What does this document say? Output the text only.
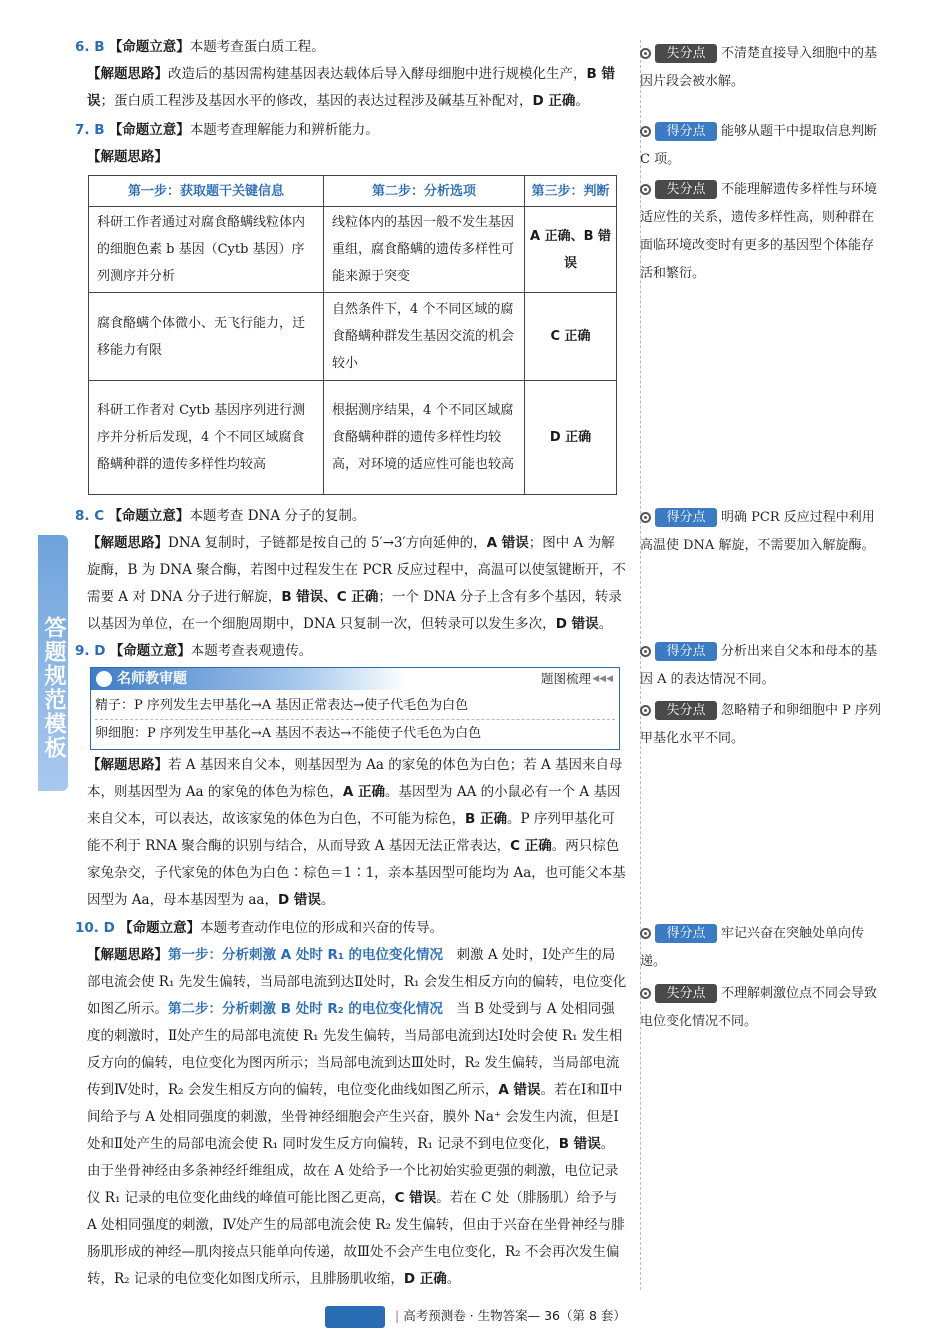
答题规范模板
6. B 【命题立意】本题考查蛋白质工程。
【解题思路】改造后的基因需构建基因表达载体后导入酵母细胞中进行规模化生产，B 错误；蛋白质工程涉及基因水平的修改，基因的表达过程涉及碱基互补配对，D 正确。
7. B 【命题立意】本题考查理解能力和辨析能力。
【解题思路】
第一步：获取题干关键信息	第二步：分析选项	第三步：判断
科研工作者通过对腐食酪螨线粒体内的细胞色素 b 基因（Cytb 基因）序列测序并分析	线粒体内的基因一般不发生基因重组，腐食酪螨的遗传多样性可能来源于突变	A 正确、B 错误
腐食酪螨个体微小、无飞行能力，迁移能力有限	自然条件下，4 个不同区域的腐食酪螨种群发生基因交流的机会较小	C 正确
科研工作者对 Cytb 基因序列进行测序并分析后发现，4 个不同区域腐食酪螨种群的遗传多样性均较高	根据测序结果，4 个不同区域腐食酪螨种群的遗传多样性均较高，对环境的适应性可能也较高	D 正确
8. C 【命题立意】本题考查 DNA 分子的复制。
【解题思路】DNA 复制时，子链都是按自己的 5′→3′方向延伸的，A 错误；图中 A 为解旋酶，B 为 DNA 聚合酶，若图中过程发生在 PCR 反应过程中，高温可以使氢键断开，不需要 A 对 DNA 分子进行解旋，B 错误、C 正确；一个 DNA 分子上含有多个基因，转录以基因为单位，在一个细胞周期中，DNA 只复制一次，但转录可以发生多次，D 错误。
9. D 【命题立意】本题考查表观遗传。
名师教审题	题图梳理 ◀◀◀
精子：P 序列发生去甲基化→A 基因正常表达→使子代毛色为白色
卵细胞：P 序列发生甲基化→A 基因不表达→不能使子代毛色为白色
【解题思路】若 A 基因来自父本，则基因型为 Aa 的家兔的体色为白色；若 A 基因来自母本，则基因型为 Aa 的家兔的体色为棕色，A 正确。基因型为 AA 的小鼠必有一个 A 基因来自父本，可以表达，故该家兔的体色为白色，不可能为棕色，B 正确。P 序列甲基化可能不利于 RNA 聚合酶的识别与结合，从而导致 A 基因无法正常表达，C 正确。两只棕色家兔杂交，子代家兔的体色为白色∶棕色＝1∶1，亲本基因型可能均为 Aa，也可能父本基因型为 Aa，母本基因型为 aa，D 错误。
10. D 【命题立意】本题考查动作电位的形成和兴奋的传导。
【解题思路】第一步：分析刺激 A 处时 R₁ 的电位变化情况　刺激 A 处时，Ⅰ处产生的局部电流会使 R₁ 先发生偏转，当局部电流到达Ⅱ处时，R₁ 会发生相反方向的偏转，电位变化如图乙所示。第二步：分析刺激 B 处时 R₂ 的电位变化情况　当 B 处受到与 A 处相同强度的刺激时，Ⅱ处产生的局部电流使 R₁ 先发生偏转，当局部电流到达Ⅰ处时会使 R₁ 发生相反方向的偏转，电位变化为图丙所示；当局部电流到达Ⅲ处时，R₂ 发生偏转，当局部电流传到Ⅳ处时，R₂ 会发生相反方向的偏转，电位变化曲线如图乙所示，A 错误。若在Ⅰ和Ⅱ中间给予与 A 处相同强度的刺激，坐骨神经细胞会产生兴奋，膜外 Na⁺ 会发生内流，但是Ⅰ处和Ⅱ处产生的局部电流会使 R₁ 同时发生反方向偏转，R₁ 记录不到电位变化，B 错误。由于坐骨神经由多条神经纤维组成，故在 A 处给予一个比初始实验更强的刺激，电位记录仪 R₁ 记录的电位变化曲线的峰值可能比图乙更高，C 错误。若在 C 处（腓肠肌）给予与 A 处相同强度的刺激，Ⅳ处产生的局部电流会使 R₂ 发生偏转，但由于兴奋在坐骨神经与腓肠肌形成的神经—肌肉接点只能单向传递，故Ⅲ处不会产生电位变化，R₂ 不会再次发生偏转，R₂ 记录的电位变化如图戊所示，且腓肠肌收缩，D 正确。
失分点 不清楚直接导入细胞中的基因片段会被水解。
得分点 能够从题干中提取信息判断 C 项。
失分点 不能理解遗传多样性与环境适应性的关系，遗传多样性高，则种群在面临环境改变时有更多的基因型个体能存活和繁衍。
得分点 明确 PCR 反应过程中利用高温使 DNA 解旋，不需要加入解旋酶。
得分点 分析出来自父本和母本的基因 A 的表达情况不同。
失分点 忽略精子和卵细胞中 P 序列甲基化水平不同。
得分点 牢记兴奋在突触处单向传递。
失分点 不理解刺激位点不同会导致电位变化情况不同。
| 高考预测卷 · 生物答案— 36（第 8 套）
